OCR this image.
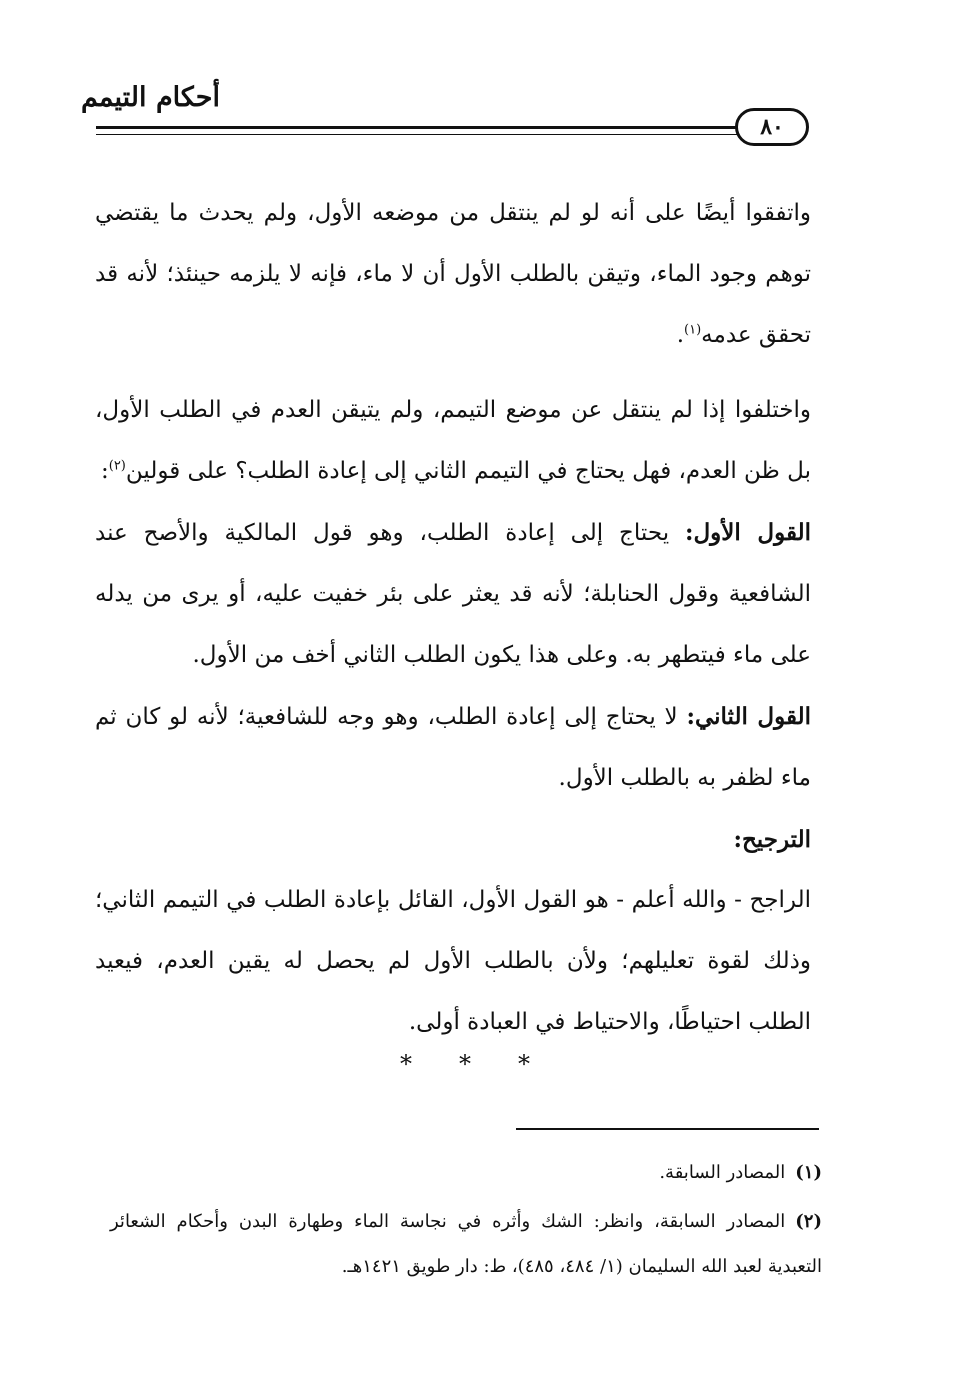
أحكام التيمم
٨٠

واتفقوا أيضًا على أنه لو لم ينتقل من موضعه الأول، ولم يحدث ما يقتضي توهم وجود الماء، وتيقن بالطلب الأول أن لا ماء، فإنه لا يلزمه حينئذ؛ لأنه قد تحقق عدمه$^{(١)}$.

واختلفوا إذا لم ينتقل عن موضع التيمم، ولم يتيقن العدم في الطلب الأول، بل ظن العدم، فهل يحتاج في التيمم الثاني إلى إعادة الطلب؟ على قولين$^{(٢)}$:

القول الأول: يحتاج إلى إعادة الطلب، وهو قول المالكية والأصح عند الشافعية وقول الحنابلة؛ لأنه قد يعثر على بئر خفيت عليه، أو يرى من يدله على ماء فيتطهر به. وعلى هذا يكون الطلب الثاني أخف من الأول.

القول الثاني: لا يحتاج إلى إعادة الطلب، وهو وجه للشافعية؛ لأنه لو كان ثم ماء لظفر به بالطلب الأول.

الترجيح:

الراجح - والله أعلم - هو القول الأول، القائل بإعادة الطلب في التيمم الثاني؛ وذلك لقوة تعليلهم؛ ولأن بالطلب الأول لم يحصل له يقين العدم، فيعيد الطلب احتياطًا، والاحتياط في العبادة أولى.

* * *

(١)المصادر السابقة.

(٢)المصادر السابقة، وانظر: الشك وأثره في نجاسة الماء وطهارة البدن وأحكام الشعائر التعبدية لعبد الله السليمان (١/ ٤٨٤، ٤٨٥)، ط: دار طويق ١٤٢١هـ.
